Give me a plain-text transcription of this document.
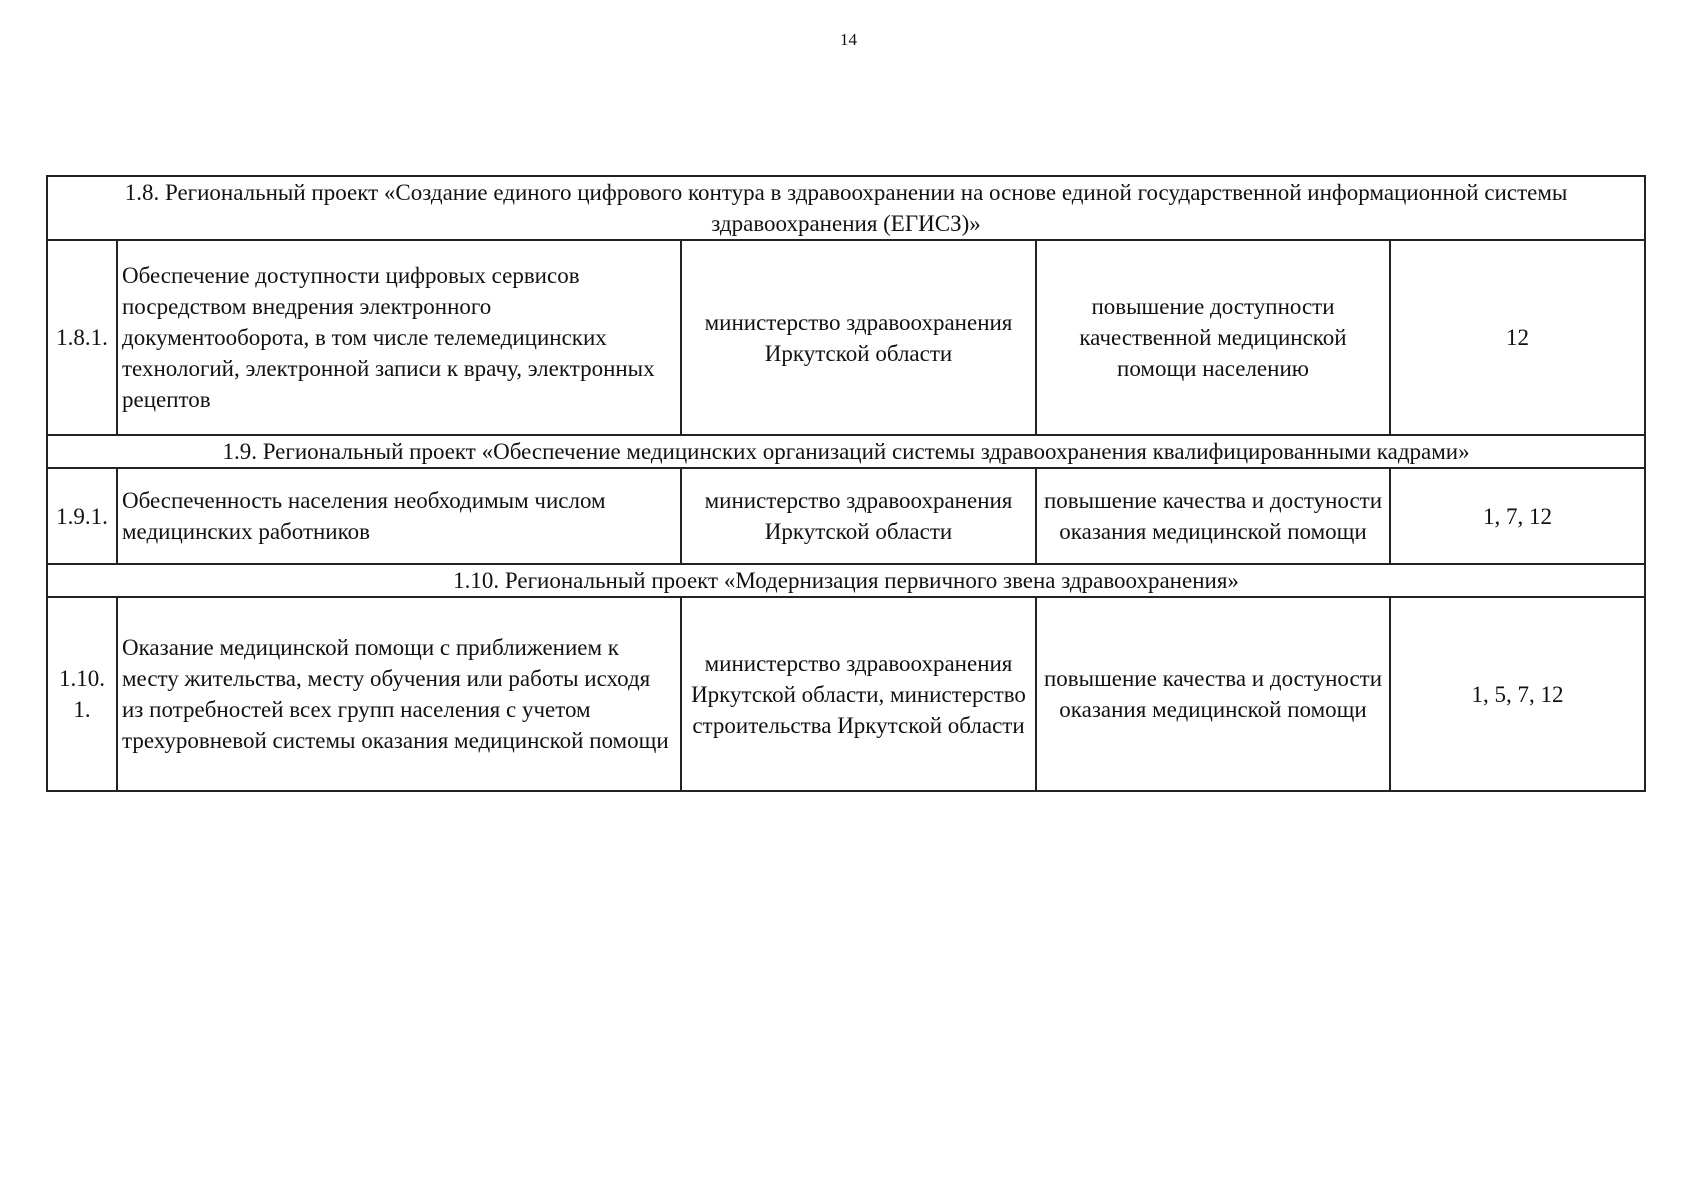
14
1.8. Региональный проект «Создание единого цифрового контура в здравоохранении на основе единой государственной информационной системы здравоохранения (ЕГИСЗ)»				
1.8.1.	Обеспечение доступности цифровых сервисов посредством внедрения электронного документооборота, в том числе телемедицинских технологий, электронной записи к врачу, электронных рецептов	министерство здравоохранения Иркутской области	повышение доступности качественной медицинской помощи населению	12
1.9. Региональный проект «Обеспечение медицинских организаций системы здравоохранения квалифицированными кадрами»				
1.9.1.	Обеспеченность населения необходимым числом медицинских работников	министерство здравоохранения Иркутской области	повышение качества и достуности оказания медицинской помощи	1, 7, 12
1.10. Региональный проект «Модернизация первичного звена здравоохранения»				
1.10. 1.	Оказание медицинской помощи с приближением к месту жительства, месту обучения или работы исходя из потребностей всех групп населения с учетом трехуровневой системы оказания медицинской помощи	министерство здравоохранения Иркутской области, министерство строительства Иркутской области	повышение качества и достуности оказания медицинской помощи	1, 5, 7, 12
